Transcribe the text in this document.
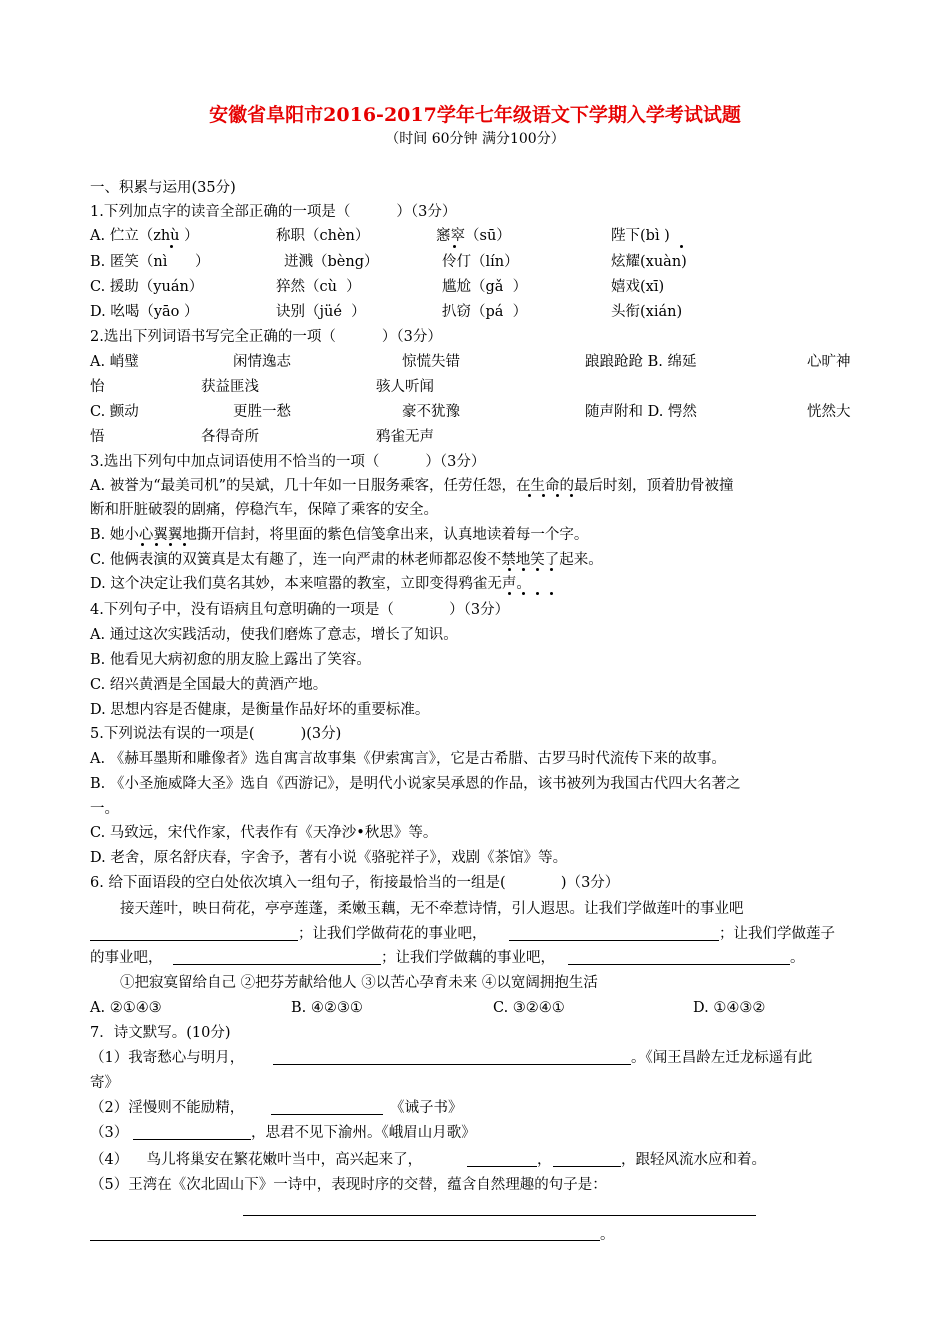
安徽省阜阳市2016-2017学年七年级语文下学期入学考试试题
（时间 60分钟 满分100分）
一、积累与运用(35分)
1.下列加点字的读音全部正确的一项是（          ）（3分）
A. 伫立（zhù ）	称职（chèn）	窸窣（sū）	陛下(bì )
B. 匿笑（nì      ）	迸溅（bèng）	伶仃（lín）	炫耀(xuàn)
C. 援助（yuán）	猝然（cù  ）	尴尬（gǎ  ）	嬉戏(xī)
D. 吆喝（yāo ）	诀别（jüé  ）	扒窃（pá  ）	头衔(xián)
2.选出下列词语书写完全正确的一项（          ）（3分）
A. 峭璧	闲情逸志	惊慌失错	踉踉跄跄 B. 绵延	心旷神
怡	获益匪浅	骇人听闻
C. 颤动	更胜一愁	豪不犹豫	随声附和 D. 愕然	恍然大
悟	各得奇所	鸦雀无声
3.选出下列句中加点词语使用不恰当的一项（          ）（3分）
A. 被誉为“最美司机”的吴斌，几十年如一日服务乘客，任劳任怨，在生命的最后时刻，顶着肋骨被撞
断和肝脏破裂的剧痛，停稳汽车，保障了乘客的安全。
B. 她小心翼翼地撕开信封，将里面的紫色信笺拿出来，认真地读着每一个字。
C. 他俩表演的双簧真是太有趣了，连一向严肃的林老师都忍俊不禁地笑了起来。
D. 这个决定让我们莫名其妙，本来喧嚣的教室，立即变得鸦雀无声。
4.下列句子中，没有语病且句意明确的一项是（            ）（3分）
A. 通过这次实践活动，使我们磨炼了意志，增长了知识。
B. 他看见大病初愈的朋友脸上露出了笑容。
C. 绍兴黄酒是全国最大的黄酒产地。
D. 思想内容是否健康，是衡量作品好坏的重要标准。
5.下列说法有误的一项是(          )(3分)
A. 《赫耳墨斯和雕像者》选自寓言故事集《伊索寓言》，它是古希腊、古罗马时代流传下来的故事。
B. 《小圣施威降大圣》选自《西游记》，是明代小说家吴承恩的作品，该书被列为我国古代四大名著之
一。
C. 马致远，宋代作家，代表作有《天净沙•秋思》等。
D. 老舍，原名舒庆春，字舍予，著有小说《骆驼祥子》，戏剧《茶馆》等。
6. 给下面语段的空白处依次填入一组句子，衔接最恰当的一组是(            )（3分）
接天莲叶，映日荷花，亭亭莲蓬，柔嫩玉藕，无不牵惹诗情，引人遐思。让我们学做莲叶的事业吧
；让我们学做荷花的事业吧，	；让我们学做莲子
的事业吧，	；让我们学做藕的事业吧，	。
①把寂寞留给自己 ②把芬芳献给他人 ③以苦心孕育未来 ④以宽阔拥抱生活
A. ②①④③	B. ④②③①	C. ③②④①	D. ①④③②
7．诗文默写。(10分)
（1）我寄愁心与明月，	。《闻王昌龄左迁龙标遥有此
寄》
（2）淫慢则不能励精，	《诫子书》
（3）	，思君不见下渝州。《峨眉山月歌》
（4）    鸟儿将巢安在繁花嫩叶当中，高兴起来了，	，	，跟轻风流水应和着。
（5）王湾在《次北固山下》一诗中，表现时序的交替，蕴含自然理趣的句子是：
。
